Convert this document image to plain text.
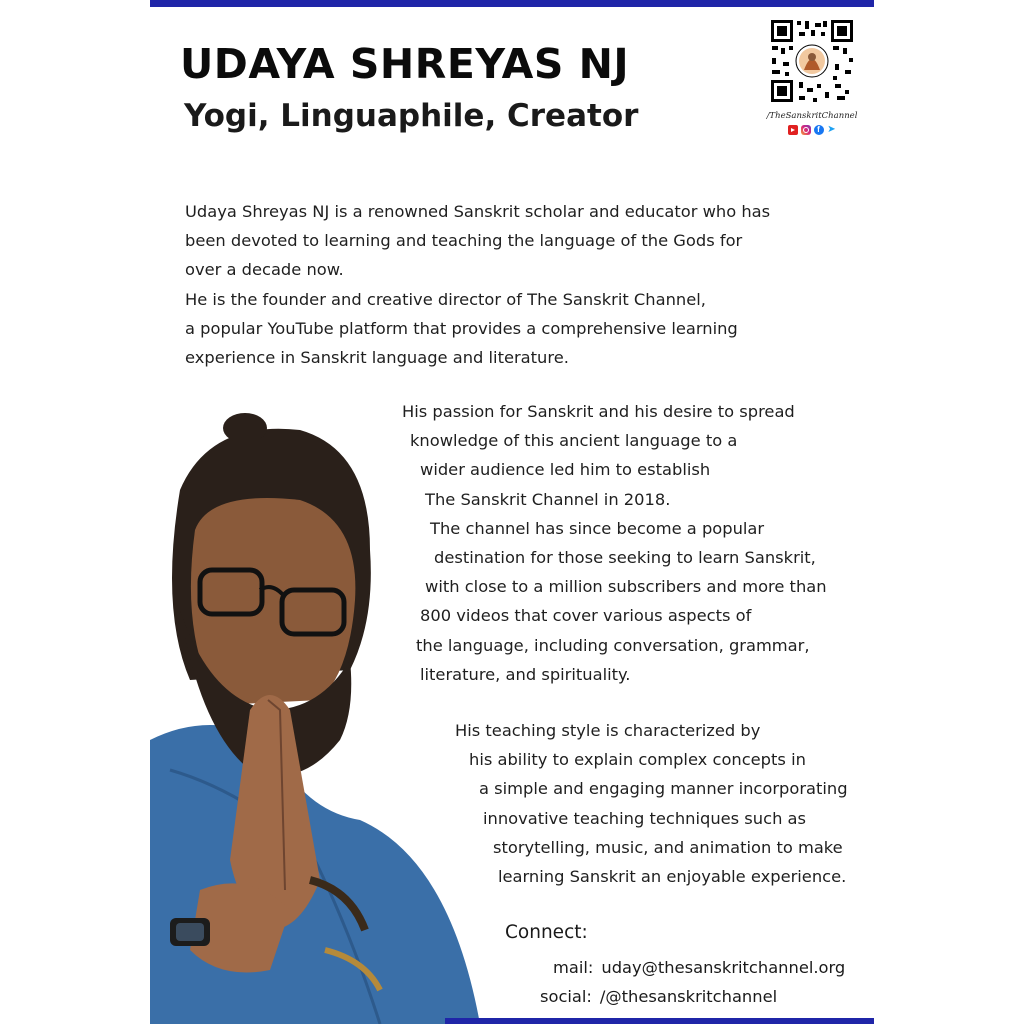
UDAYA SHREYAS NJ
Yogi, Linguaphile, Creator	/TheSanskritChannel
f ➤
Udaya Shreyas NJ is a renowned Sanskrit scholar and educator who has
been devoted to learning and teaching the language of the Gods for
over a decade now.
He is the founder and creative director of The Sanskrit Channel,
a popular YouTube platform that provides a comprehensive learning
experience in Sanskrit language and literature.
His passion for Sanskrit and his desire to spread
knowledge of this ancient language to a
wider audience led him to establish
The Sanskrit Channel in 2018.
The channel has since become a popular
destination for those seeking to learn Sanskrit,
with close to a million subscribers and more than
800 videos that cover various aspects of
the language, including conversation, grammar,
literature, and spirituality.
His teaching style is characterized by
his ability to explain complex concepts in
a simple and engaging manner incorporating
innovative teaching techniques such as
storytelling, music, and animation to make
learning Sanskrit an enjoyable experience.
Connect:
mail: uday@thesanskritchannel.org
social: /@thesanskritchannel
